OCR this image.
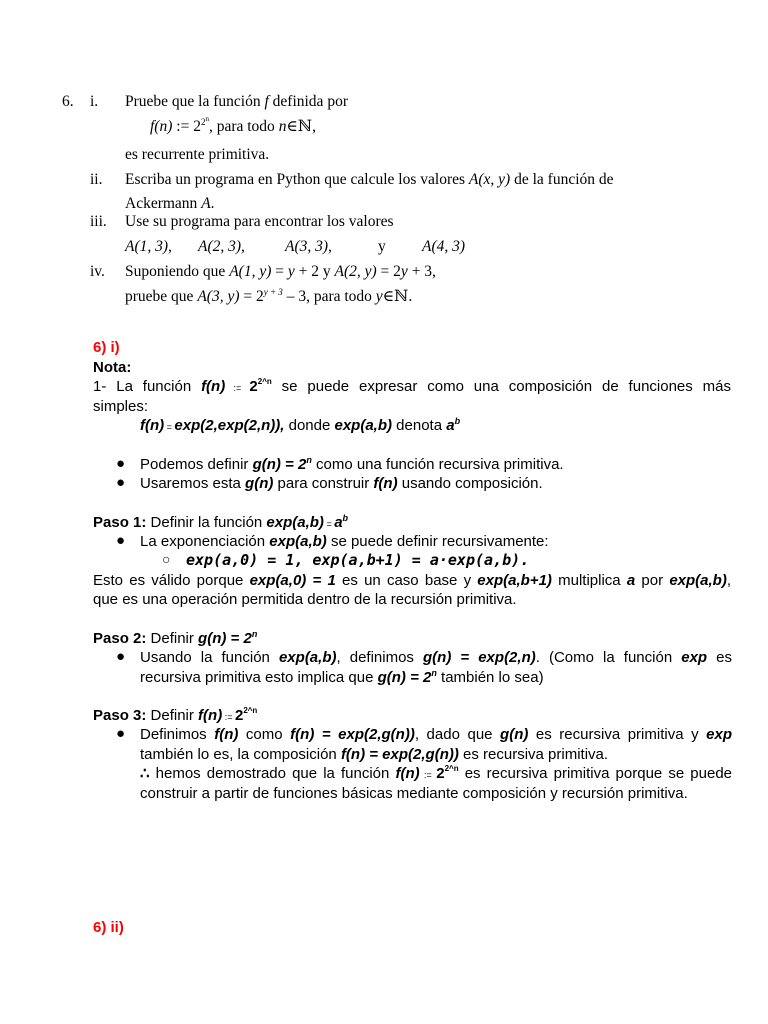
6. i. Pruebe que la función f definida por
f(n) := $2^{2^n}$, para todo n∈ℕ,
es recurrente primitiva.
ii. Escriba un programa en Python que calcule los valores A(x, y) de la función de
Ackermann A.
iii. Use su programa para encontrar los valores
A(1, 3), A(2, 3),	A(3, 3),	y A(4, 3)
iv. Suponiendo que A(1, y) = y + 2 y A(2, y) = 2y + 3,
pruebe que A(3, $y) = 2^{y + 3} - 3$, para todo y∈ℕ.
6) i)
Nota:
1- La función f(n) := $2^{2\^{}n}$ se puede expresar como una composición de funciones más
simples:
f(n) = exp(2,exp(2,n)), donde exp(a,b) denota $a^b$
● Podemos definir $g(n) = 2^n$ como una función recursiva primitiva.
● Usaremos esta g(n) para construir f(n) usando composición.
Paso 1: Definir la función $\exp(a,b) = a^b$
● La exponenciación exp(a,b) se puede definir recursivamente:
○ exp(a,0) = 1, exp(a,b+1) = a·exp(a,b).
Esto es válido porque exp(a,0) = 1 es un caso base y exp(a,b+1) multiplica a por exp(a,b),
que es una operación permitida dentro de la recursión primitiva.
Paso 2: Definir $g(n) = 2^n$
● Usando la función exp(a,b), definimos g(n) = exp(2,n). (Como la función exp es
recursiva primitiva esto implica que $g(n) = 2^n$ también lo sea)
Paso 3: Definir f(n) := $2^{2\^{}n}$
● Definimos f(n) como f(n) = exp(2,g(n)), dado que g(n) es recursiva primitiva y exp
también lo es, la composición f(n) = exp(2,g(n)) es recursiva primitiva.
∴ hemos demostrado que la función f(n) := $2^{2\^{}n}$ es recursiva primitiva porque se puede
construir a partir de funciones básicas mediante composición y recursión primitiva.
6) ii)
